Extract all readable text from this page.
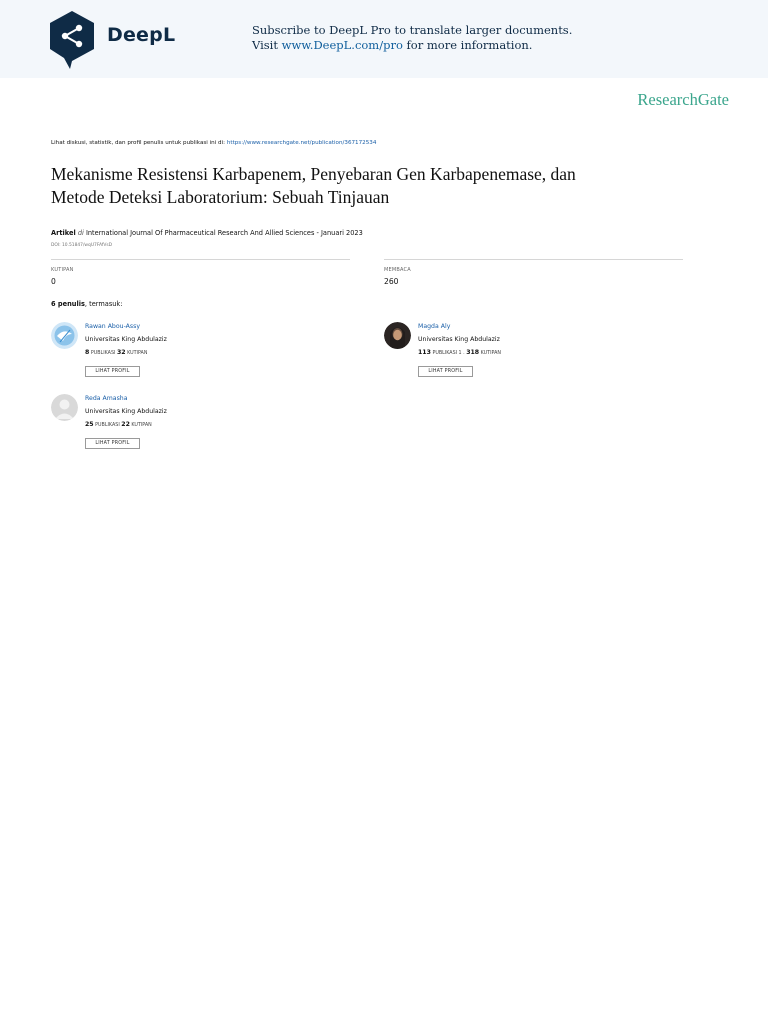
DeepL	Subscribe to DeepL Pro to translate larger documents.
Visit www.DeepL.com/pro for more information.
ResearchGate
Lihat diskusi, statistik, dan profil penulis untuk publikasi ini di: https://www.researchgate.net/publication/367172534
Mekanisme Resistensi Karbapenem, Penyebaran Gen Karbapenemase, dan
Metode Deteksi Laboratorium: Sebuah Tinjauan
Artikel di International Journal Of Pharmaceutical Research And Allied Sciences - Januari 2023
DOI: 10.51847/wqU7FAfVsD
KUTIPAN
0
MEMBACA
260
6 penulis, termasuk:
Rawan Abou-Assy
Universitas King Abdulaziz
8 PUBLIKASI 32 KUTIPAN
LIHAT PROFIL
Magda Aly
Universitas King Abdulaziz
113 PUBLIKASI 1 . 318 KUTIPAN
LIHAT PROFIL
Reda Amasha
Universitas King Abdulaziz
25 PUBLIKASI 22 KUTIPAN
LIHAT PROFIL
